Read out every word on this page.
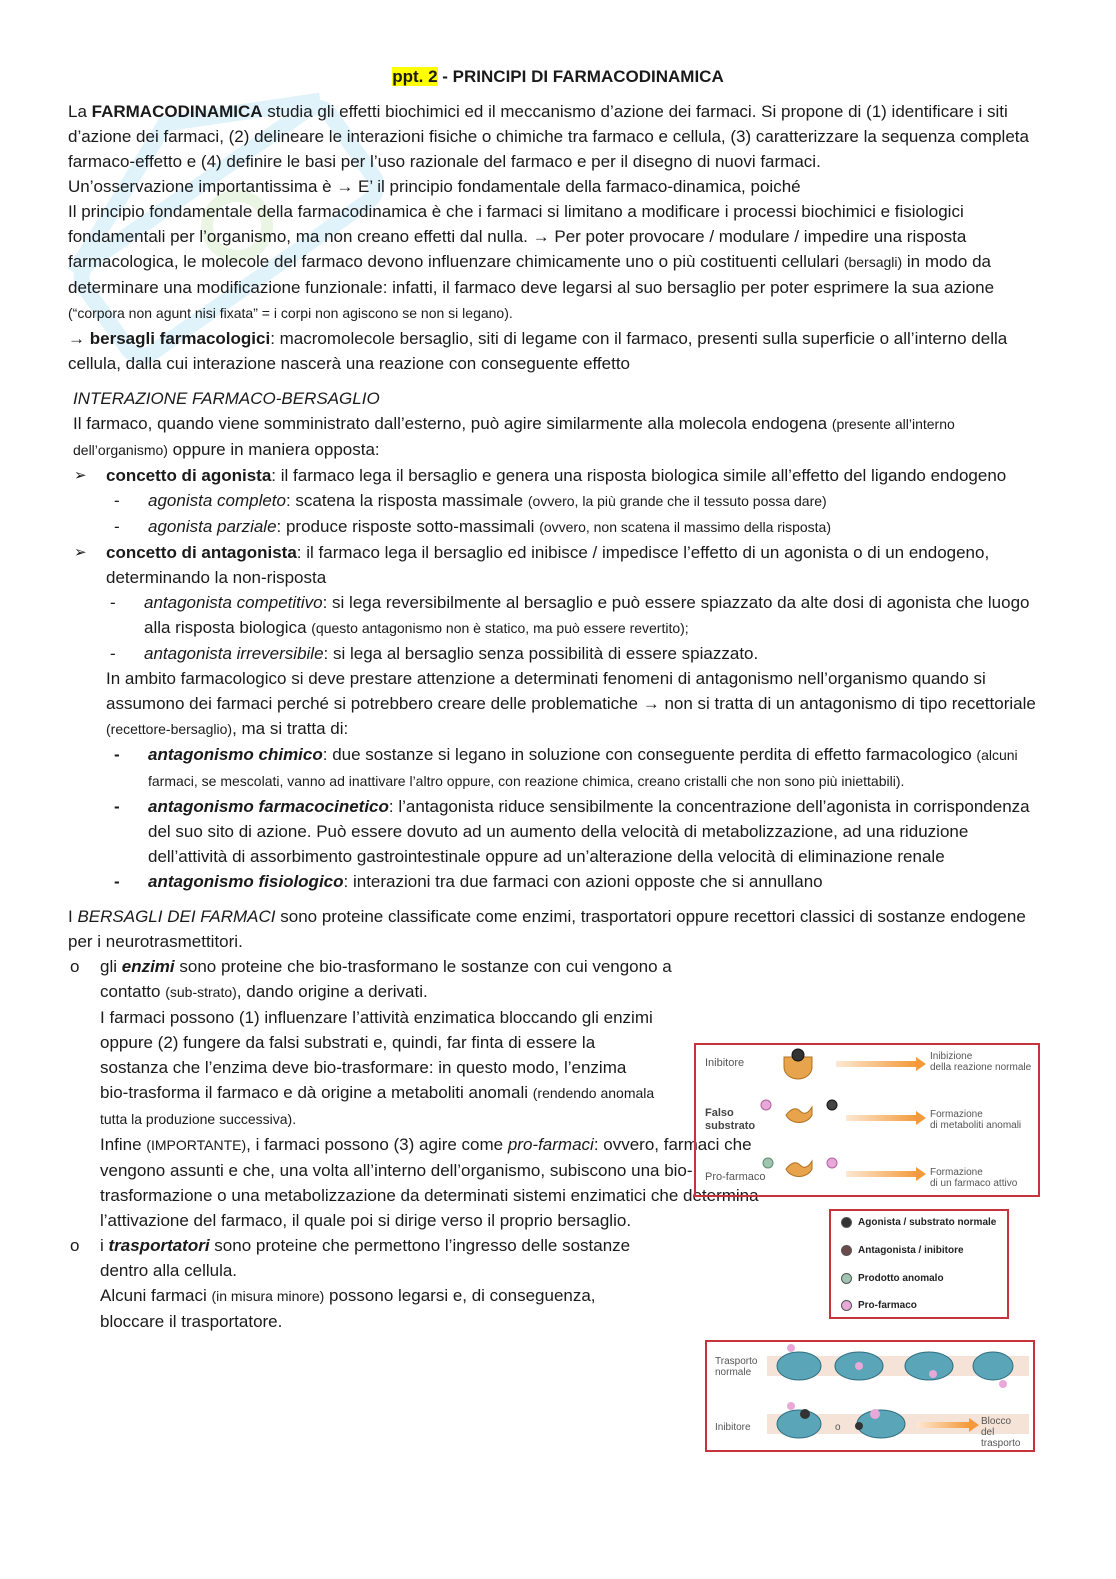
ppt. 2 - PRINCIPI DI FARMACODINAMICA

La FARMACODINAMICA studia gli effetti biochimici ed il meccanismo d’azione dei farmaci. Si propone di (1) identificare i siti d’azione dei farmaci, (2) delineare le interazioni fisiche o chimiche tra farmaco e cellula, (3) caratterizzare la sequenza completa farmaco-effetto e (4) definire le basi per l’uso razionale del farmaco e per il disegno di nuovi farmaci.

Un’osservazione importantissima è → E’ il principio fondamentale della farmaco-dinamica, poiché

Il principio fondamentale della farmacodinamica è che i farmaci si limitano a modificare i processi biochimici e fisiologici fondamentali per l’organismo, ma non creano effetti dal nulla. → Per poter provocare / modulare / impedire una risposta farmacologica, le molecole del farmaco devono influenzare chimicamente uno o più costituenti cellulari (bersagli) in modo da determinare una modificazione funzionale: infatti, il farmaco deve legarsi al suo bersaglio per poter esprimere la sua azione (“corpora non agunt nisi fixata” = i corpi non agiscono se non si legano).

→ bersagli farmacologici: macromolecole bersaglio, siti di legame con il farmaco, presenti sulla superficie o all’interno della cellula, dalla cui interazione nascerà una reazione con conseguente effetto

INTERAZIONE FARMACO-BERSAGLIO

Il farmaco, quando viene somministrato dall’esterno, può agire similarmente alla molecola endogena (presente all’interno dell’organismo) oppure in maniera opposta:

➢ concetto di agonista: il farmaco lega il bersaglio e genera una risposta biologica simile all’effetto del ligando endogeno
- agonista completo: scatena la risposta massimale (ovvero, la più grande che il tessuto possa dare)
- agonista parziale: produce risposte sotto-massimali (ovvero, non scatena il massimo della risposta)
➢ concetto di antagonista: il farmaco lega il bersaglio ed inibisce / impedisce l’effetto di un agonista o di un endogeno, determinando la non-risposta
- antagonista competitivo: si lega reversibilmente al bersaglio e può essere spiazzato da alte dosi di agonista che luogo alla risposta biologica (questo antagonismo non è statico, ma può essere revertito);
- antagonista irreversibile: si lega al bersaglio senza possibilità di essere spiazzato.

In ambito farmacologico si deve prestare attenzione a determinati fenomeni di antagonismo nell’organismo quando si assumono dei farmaci perché si potrebbero creare delle problematiche → non si tratta di un antagonismo di tipo recettoriale (recettore-bersaglio), ma si tratta di:

- antagonismo chimico: due sostanze si legano in soluzione con conseguente perdita di effetto farmacologico (alcuni farmaci, se mescolati, vanno ad inattivare l’altro oppure, con reazione chimica, creano cristalli che non sono più iniettabili).
- antagonismo farmacocinetico: l’antagonista riduce sensibilmente la concentrazione dell’agonista in corrispondenza del suo sito di azione. Può essere dovuto ad un aumento della velocità di metabolizzazione, ad una riduzione dell’attività di assorbimento gastrointestinale oppure ad un’alterazione della velocità di eliminazione renale
- antagonismo fisiologico: interazioni tra due farmaci con azioni opposte che si annullano

I BERSAGLI DEI FARMACI sono proteine classificate come enzimi, trasportatori oppure recettori classici di sostanze endogene per i neurotrasmettitori.

o gli enzimi sono proteine che bio-trasformano le sostanze con cui vengono a contatto (sub-strato), dando origine a derivati.

I farmaci possono (1) influenzare l’attività enzimatica bloccando gli enzimi oppure (2) fungere da falsi substrati e, quindi, far finta di essere la sostanza che l’enzima deve bio-trasformare: in questo modo, l’enzima bio-trasforma il farmaco e dà origine a metaboliti anomali (rendendo anomala tutta la produzione successiva).

Infine (IMPORTANTE), i farmaci possono (3) agire come pro-farmaci: ovvero, farmaci che vengono assunti e che, una volta all’interno dell’organismo, subiscono una bio-trasformazione o una metabolizzazione da determinati sistemi enzimatici che determina l’attivazione del farmaco, il quale poi si dirige verso il proprio bersaglio.

o i trasportatori sono proteine che permettono l’ingresso delle sostanze dentro alla cellula.

Alcuni farmaci (in misura minore) possono legarsi e, di conseguenza, bloccare il trasportatore.

Inibitore
Inibizione
della reazione normale
Falso
substrato
Formazione
di metaboliti anomali
Pro-farmaco	Formazione
di un farmaco attivo
Agonista / substrato normale
Antagonista / inibitore
Prodotto anomalo
Pro-farmaco
Trasporto
normale
Inibitore	o
Blocco
del trasporto
